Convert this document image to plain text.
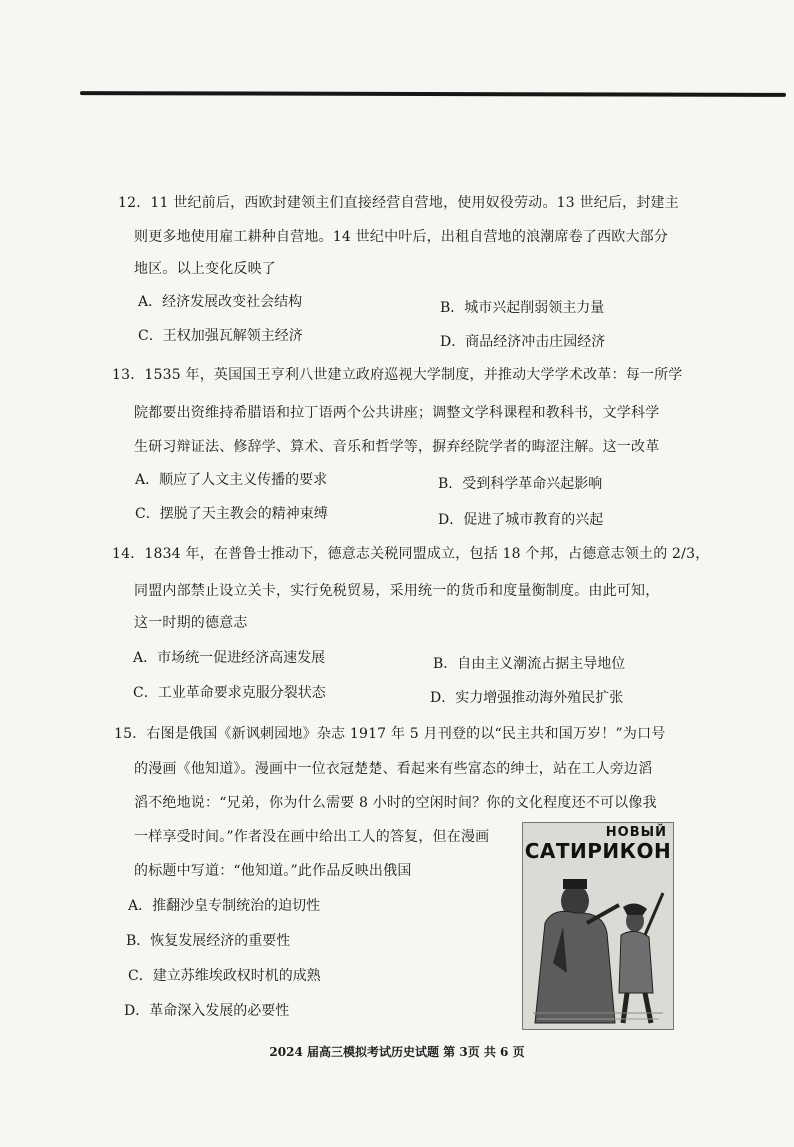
12．11 世纪前后，西欧封建领主们直接经营自营地，使用奴役劳动。13 世纪后，封建主
则更多地使用雇工耕种自营地。14 世纪中叶后，出租自营地的浪潮席卷了西欧大部分
地区。以上变化反映了
A．经济发展改变社会结构	B．城市兴起削弱领主力量
C．王权加强瓦解领主经济	D．商品经济冲击庄园经济
13．1535 年，英国国王亨利八世建立政府巡视大学制度，并推动大学学术改革：每一所学
院都要出资维持希腊语和拉丁语两个公共讲座；调整文学科课程和教科书，文学科学
生研习辩证法、修辞学、算术、音乐和哲学等，摒弃经院学者的晦涩注解。这一改革
A．顺应了人文主义传播的要求	B．受到科学革命兴起影响
C．摆脱了天主教会的精神束缚	D．促进了城市教育的兴起
14．1834 年，在普鲁士推动下，德意志关税同盟成立，包括 18 个邦，占德意志领土的 2/3，
同盟内部禁止设立关卡，实行免税贸易，采用统一的货币和度量衡制度。由此可知，
这一时期的德意志
A．市场统一促进经济高速发展	B．自由主义潮流占据主导地位
C．工业革命要求克服分裂状态	D．实力增强推动海外殖民扩张
15．右图是俄国《新讽刺园地》杂志 1917 年 5 月刊登的以“民主共和国万岁！”为口号
的漫画《他知道》。漫画中一位衣冠楚楚、看起来有些富态的绅士，站在工人旁边滔
滔不绝地说：“兄弟，你为什么需要 8 小时的空闲时间？你的文化程度还不可以像我
一样享受时间。”作者没在画中给出工人的答复，但在漫画
的标题中写道：“他知道。”此作品反映出俄国
A．推翻沙皇专制统治的迫切性
B．恢复发展经济的重要性
C．建立苏维埃政权时机的成熟
D．革命深入发展的必要性
НОВЫЙ
САТИРИКОН
2024 届高三模拟考试历史试题 第 3页 共 6 页
